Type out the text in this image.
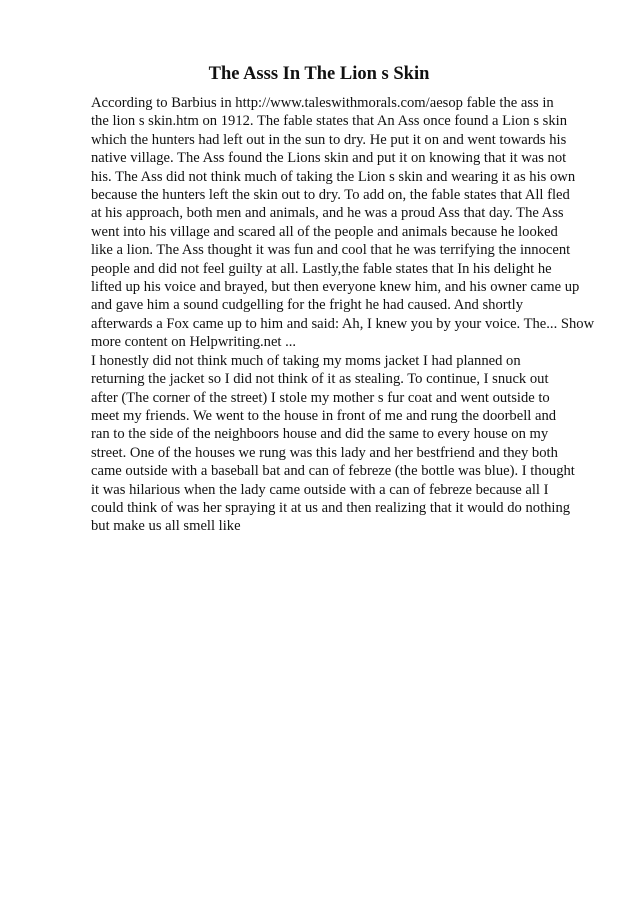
The Asss In The Lion s Skin
According to Barbius in http://www.taleswithmorals.com/aesop fable the ass in
the lion s skin.htm on 1912. The fable states that An Ass once found a Lion s skin
which the hunters had left out in the sun to dry. He put it on and went towards his
native village. The Ass found the Lions skin and put it on knowing that it was not
his. The Ass did not think much of taking the Lion s skin and wearing it as his own
because the hunters left the skin out to dry. To add on, the fable states that All fled
at his approach, both men and animals, and he was a proud Ass that day. The Ass
went into his village and scared all of the people and animals because he looked
like a lion. The Ass thought it was fun and cool that he was terrifying the innocent
people and did not feel guilty at all. Lastly,the fable states that In his delight he
lifted up his voice and brayed, but then everyone knew him, and his owner came up
and gave him a sound cudgelling for the fright he had caused. And shortly
afterwards a Fox came up to him and said: Ah, I knew you by your voice. The... Show
more content on Helpwriting.net ...
I honestly did not think much of taking my moms jacket I had planned on
returning the jacket so I did not think of it as stealing. To continue, I snuck out
after (The corner of the street) I stole my mother s fur coat and went outside to
meet my friends. We went to the house in front of me and rung the doorbell and
ran to the side of the neighboors house and did the same to every house on my
street. One of the houses we rung was this lady and her bestfriend and they both
came outside with a baseball bat and can of febreze (the bottle was blue). I thought
it was hilarious when the lady came outside with a can of febreze because all I
could think of was her spraying it at us and then realizing that it would do nothing
but make us all smell like
